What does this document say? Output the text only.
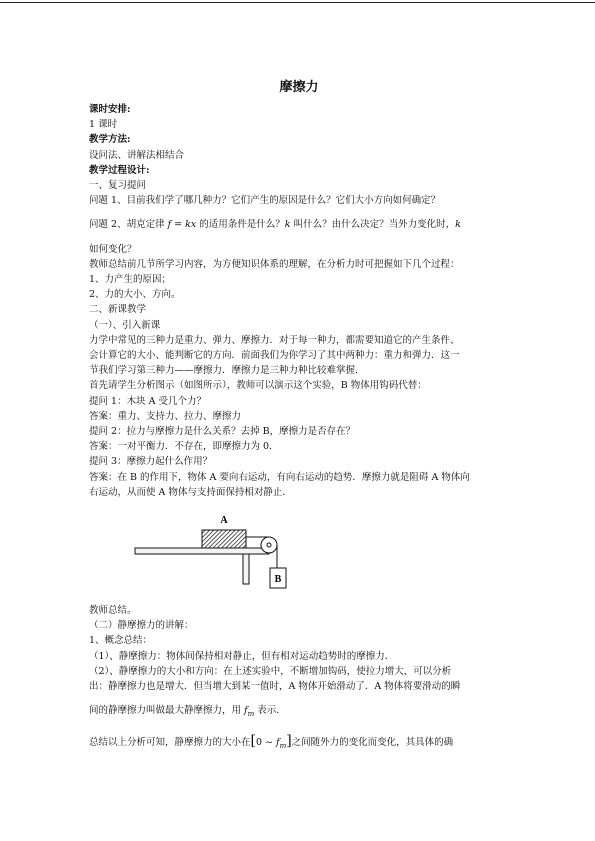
摩擦力
课时安排:
1 课时
教学方法:
设问法、讲解法相结合
教学过程设计:
一、复习提问
问题 1、目前我们学了哪几种力？它们产生的原因是什么？它们大小方向如何确定？
问题 2、胡克定律 f = kx 的适用条件是什么？k 叫什么？由什么决定？当外力变化时，k
如何变化？
教师总结前几节所学习内容，为方便知识体系的理解，在分析力时可把握如下几个过程：
1、力产生的原因；
2、力的大小、方向。
二、新课教学
（一）、引入新课
力学中常见的三种力是重力、弹力、摩擦力．对于每一种力，都需要知道它的产生条件、
会计算它的大小、能判断它的方向．前面我们为你学习了其中两种力：重力和弹力．这一
节我们学习第三种力——摩擦力．摩擦力是三种力种比较难掌握．
首先请学生分析图示（如图所示），教师可以演示这个实验，B 物体用钩码代替：
提问 1：木块 A 受几个力？
答案：重力、支持力、拉力、摩擦力
提问 2：拉力与摩擦力是什么关系？去掉 B，摩擦力是否存在？
答案：一对平衡力．不存在，即摩擦力为 0．
提问 3：摩擦力起什么作用？
答案：在 B 的作用下，物体 A 要向右运动，有向右运动的趋势．摩擦力就是阻碍 A 物体向
右运动，从而使 A 物体与支持面保持相对静止．
A
B
教师总结。
（二）静摩擦力的讲解：
1、概念总结：
（1）、静摩擦力：物体间保持相对静止，但有相对运动趋势时的摩擦力．
（2）、静摩擦力的大小和方向：在上述实验中，不断增加钩码，使拉力增大，可以分析
出：静摩擦力也是增大．但当增大到某一值时，A 物体开始滑动了．A 物体将要滑动的瞬
间的静摩擦力叫做最大静摩擦力，用 $f_m$ 表示．
总结以上分析可知，静摩擦力的大小在[0 ~ $f_m$]之间随外力的变化而变化，其具体的确
